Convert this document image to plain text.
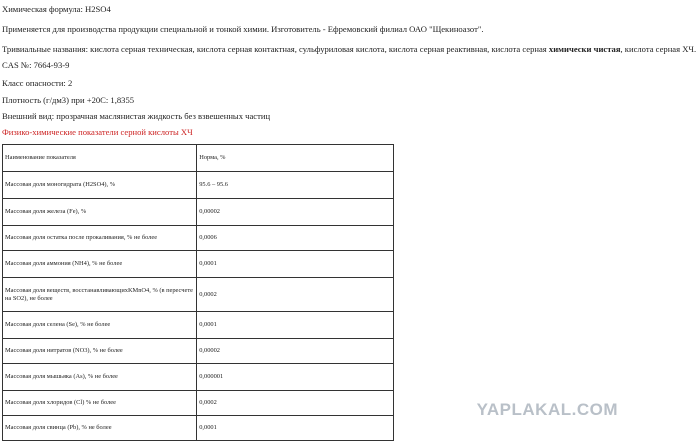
Химическая формула: H2SO4
Применяется для производства продукции специальной и тонкой химии. Изготовитель - Ефремовский филиал ОАО "Щекиноазот".
Тривиальные названия: кислота серная техническая, кислота серная контактная, сульфуриловая кислота, кислота серная реактивная, кислота серная химически чистая, кислота серная ХЧ.
CAS №: 7664-93-9
Класс опасности: 2
Плотность (г/дм3) при +20С: 1,8355
Внешний вид: прозрачная маслянистая жидкость без взвешенных частиц
Физико-химические показатели серной кислоты ХЧ
Наименование показателя	Норма, %
Массовая доля моногидрата (H2SO4), %	95.6 – 95.6
Массовая доля железа (Fe), %	0,00002
Массовая доля остатка после прокаливания, % не более	0,0006
Массовая доля аммония (NH4), % не более	0,0001
Массовая доля веществ, восстанавливающихKMnO4, % (в пересчете на SO2), не более	0,0002
Массовая доля селена (Se), % не более	0,0001
Массовая доля нитратов (NO3), % не более	0,00002
Массовая доля мышьяка (As), % не более	0,000001
Массовая доля хлоридов (Cl) % не более	0,0002
Массовая доля свинца (Pb), % не более	0,0001
YAPLAKAL.COM
